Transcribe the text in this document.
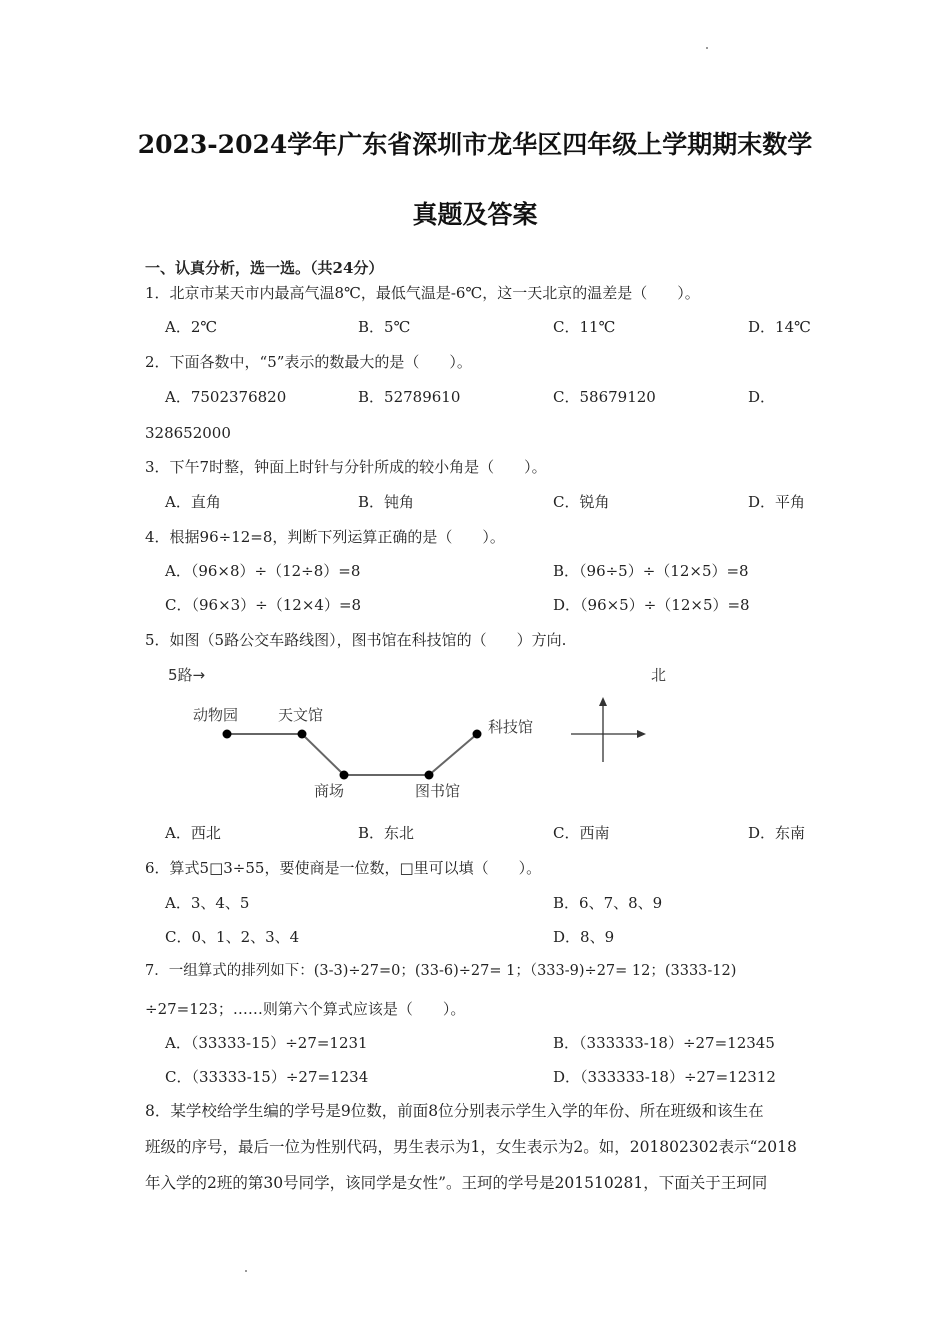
2023-2024学年广东省深圳市龙华区四年级上学期期末数学
真题及答案
一、认真分析，选一选。（共24分）
1．北京市某天市内最高气温8℃，最低气温是-6℃，这一天北京的温差是（　　）。
A．2℃	B．5℃	C．11℃	D．14℃
2．下面各数中，“5”表示的数最大的是（　　）。
A．7502376820	B．52789610	C．58679120	D．
328652000
3．下午7时整，钟面上时针与分针所成的较小角是（　　）。
A．直角	B．钝角	C．锐角	D．平角
4．根据96÷12=8，判断下列运算正确的是（　　）。
A．（96×8）÷（12÷8）=8	B．（96÷5）÷（12×5）=8
C．（96×3）÷（12×4）=8	D．（96×5）÷（12×5）=8
5．如图（5路公交车路线图），图书馆在科技馆的（　　）方向.
5路→	北
动物园	天文馆
商场	图书馆
科技馆
A．西北	B．东北	C．西南	D．东南
6．算式5□3÷55，要使商是一位数，□里可以填（　　）。
A．3、4、5	B．6、7、8、9
C．0、1、2、3、4	D．8、9
7．一组算式的排列如下：(3-3)÷27=0；(33-6)÷27= 1；（333-9)÷27= 12；(3333-12)
÷27=123；……则第六个算式应该是（　　）。
A．（33333-15）÷27=1231	B．（333333-18）÷27=12345
C．（33333-15）÷27=1234	D．（333333-18）÷27=12312
8．某学校给学生编的学号是9位数，前面8位分别表示学生入学的年份、所在班级和该生在
班级的序号，最后一位为性别代码，男生表示为1，女生表示为2。如，201802302表示“2018
年入学的2班的第30号同学，该同学是女性”。王珂的学号是201510281，下面关于王珂同
